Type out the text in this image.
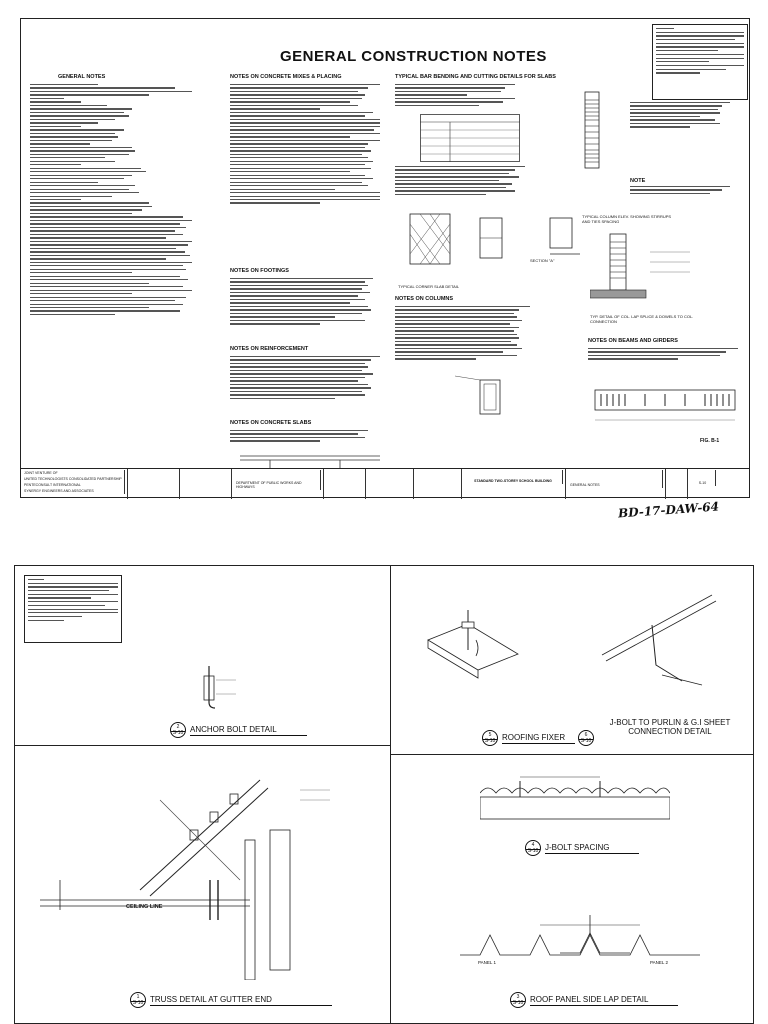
GENERAL CONSTRUCTION NOTES
GENERAL NOTES	NOTES ON CONCRETE MIXES & PLACING
NOTES ON FOOTINGS
NOTES ON REINFORCEMENT
NOTES ON CONCRETE SLABS
TYPICAL BAR BENDING AND CUTTING DETAILS FOR SLABS
TYPICAL CORNER SLAB DETAIL
SECTION "A"
NOTES ON COLUMNS
NOTE
TYPICAL COLUMN ELEV. SHOWING STIRRUPS AND TIES SPACING
TYP. DETAIL OF COL. LAP SPLICE & DOWELS TO COL. CONNECTION
NOTES ON BEAMS AND GIRDERS
FIG. B-1
JOINT VENTURE OF
UNITED TECHNOLOGISTS CONSOLIDATED PARTNERSHIP
PENTECONSULT INTERNATIONAL
SYNERGY ENGINEERS AND ASSOCIATES
DEPARTMENT OF PUBLIC WORKS AND HIGHWAYS
STANDARD TWO-STOREY SCHOOL BUILDING
GENERAL NOTES	S-10
BD-17-DAW-64
2
S-10 ANCHOR BOLT DETAIL
5
S-10 ROOFING FIXER
J-BOLT TO PURLIN & G.I SHEET CONNECTION DETAIL
6
S-10
4
S-10 J-BOLT SPACING
CEILING LINE
1
S-10 TRUSS DETAIL AT GUTTER END
PANEL 1	PANEL 2
3
S-10 ROOF PANEL SIDE LAP DETAIL
